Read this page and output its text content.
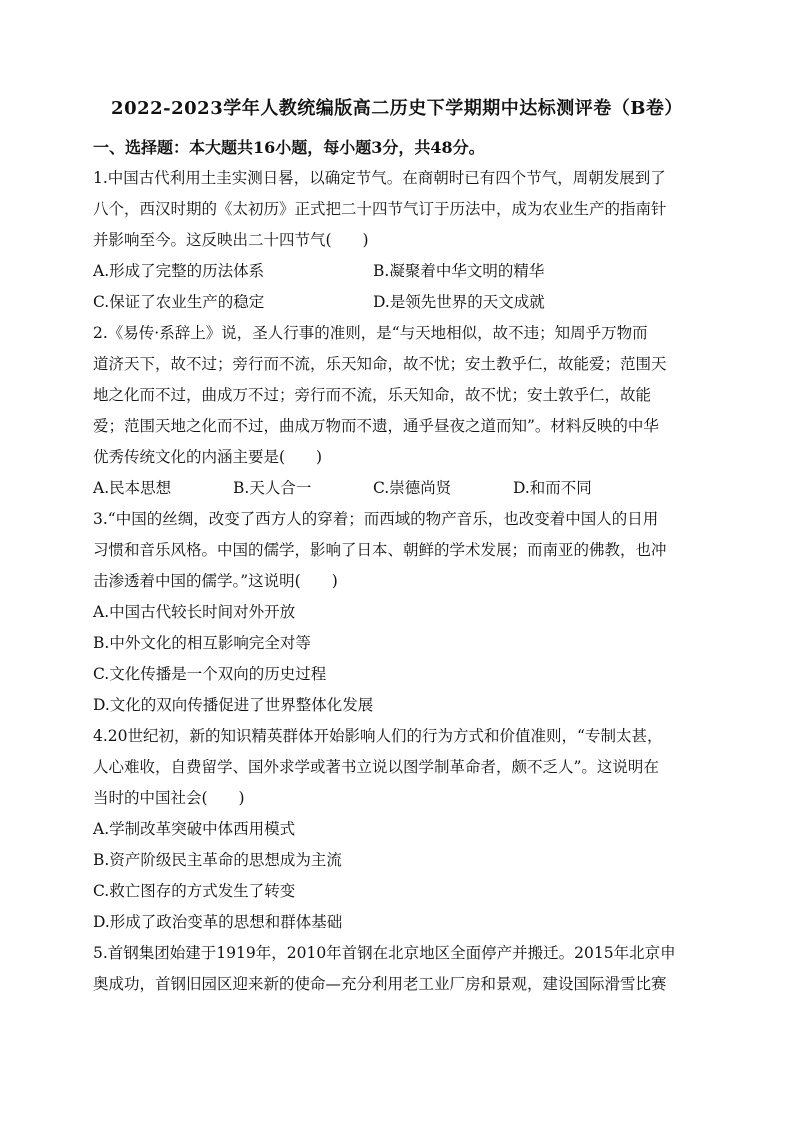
2022-2023学年人教统编版高二历史下学期期中达标测评卷（B卷）
一、选择题：本大题共16小题，每小题3分，共48分。
1.中国古代利用土圭实测日晷，以确定节气。在商朝时已有四个节气，周朝发展到了
八个，西汉时期的《太初历》正式把二十四节气订于历法中，成为农业生产的指南针
并影响至今。这反映出二十四节气(　　)
A.形成了完整的历法体系	B.凝聚着中华文明的精华
C.保证了农业生产的稳定	D.是领先世界的天文成就
2.《易传·系辞上》说，圣人行事的准则，是“与天地相似，故不违；知周乎万物而
道济天下，故不过；旁行而不流，乐天知命，故不忧；安土教乎仁，故能爱；范围天
地之化而不过，曲成万不过；旁行而不流，乐天知命，故不忧；安土敦乎仁，故能
爱；范围天地之化而不过，曲成万物而不遗，通乎昼夜之道而知”。材料反映的中华
优秀传统文化的内涵主要是(　　)
A.民本思想	B.天人合一	C.崇德尚贤	D.和而不同
3.“中国的丝绸，改变了西方人的穿着；而西域的物产音乐，也改变着中国人的日用
习惯和音乐风格。中国的儒学，影响了日本、朝鲜的学术发展；而南亚的佛教，也冲
击渗透着中国的儒学。”这说明(　　)
A.中国古代较长时间对外开放
B.中外文化的相互影响完全对等
C.文化传播是一个双向的历史过程
D.文化的双向传播促进了世界整体化发展
4.20世纪初，新的知识精英群体开始影响人们的行为方式和价值准则，“专制太甚，
人心难收，自费留学、国外求学或著书立说以图学制革命者，颇不乏人”。这说明在
当时的中国社会(　　)
A.学制改革突破中体西用模式
B.资产阶级民主革命的思想成为主流
C.救亡图存的方式发生了转变
D.形成了政治变革的思想和群体基础
5.首钢集团始建于1919年，2010年首钢在北京地区全面停产并搬迁。2015年北京申
奥成功，首钢旧园区迎来新的使命—充分利用老工业厂房和景观，建设国际滑雪比赛
